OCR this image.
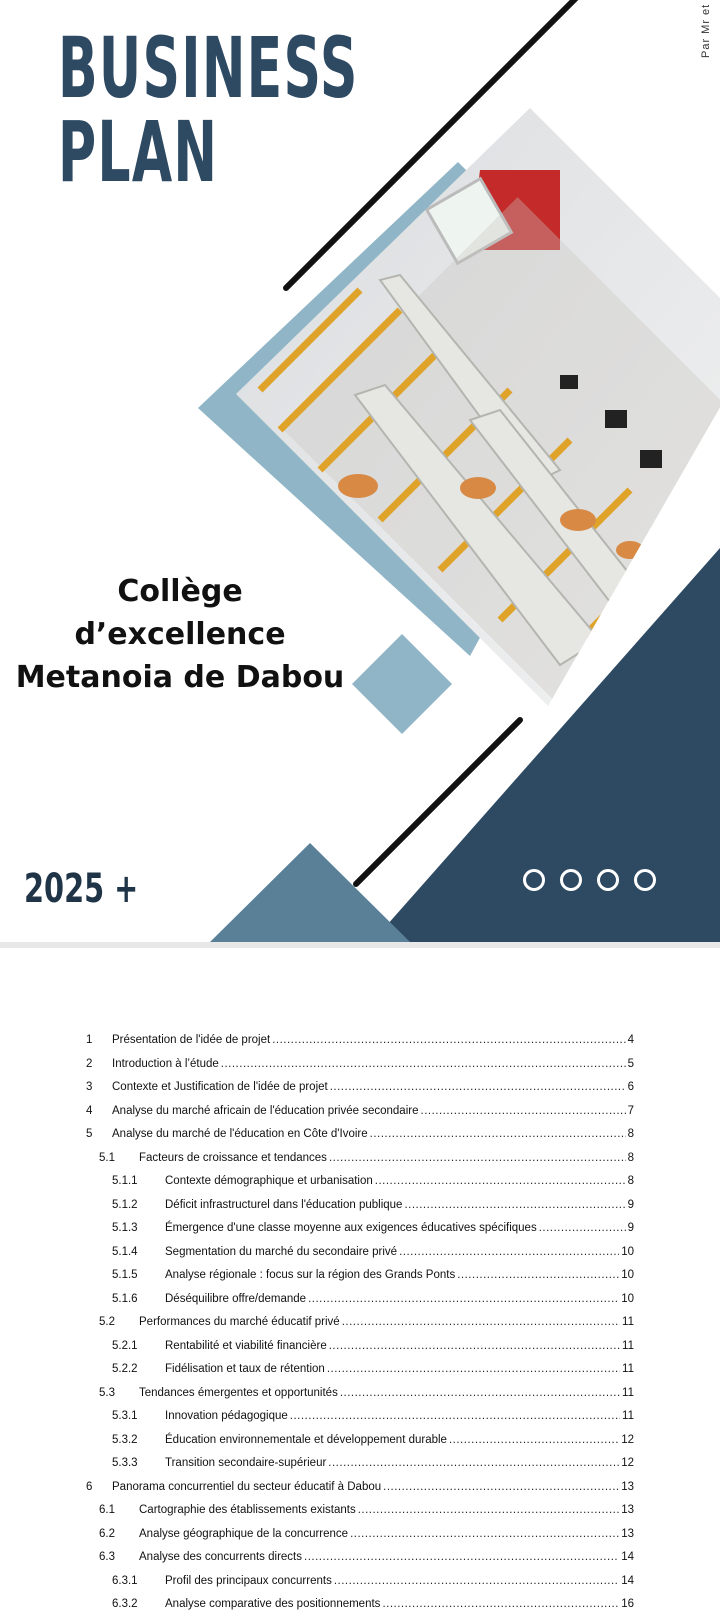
Par Mr et
BUSINESS
PLAN
Collège
d’excellence
Metanoia de Dabou
2025 +
1	Présentation de l'idée de projet .....	4
2	Introduction à l’étude .....	5
3	Contexte et Justification de l'idée de projet .....	6
4	Analyse du marché africain de l'éducation privée secondaire .....	7
5	Analyse du marché de l'éducation en Côte d'Ivoire .....	8
5.1	Facteurs de croissance et tendances .....	8
5.1.1	Contexte démographique et urbanisation .....	8
5.1.2	Déficit infrastructurel dans l'éducation publique .....	9
5.1.3	Émergence d'une classe moyenne aux exigences éducatives spécifiques .....	9
5.1.4	Segmentation du marché du secondaire privé .....	10
5.1.5	Analyse régionale : focus sur la région des Grands Ponts .....	10
5.1.6	Déséquilibre offre/demande .....	10
5.2	Performances du marché éducatif privé .....	11
5.2.1	Rentabilité et viabilité financière .....	11
5.2.2	Fidélisation et taux de rétention .....	11
5.3	Tendances émergentes et opportunités .....	11
5.3.1	Innovation pédagogique .....	11
5.3.2	Éducation environnementale et développement durable .....	12
5.3.3	Transition secondaire-supérieur .....	12
6	Panorama concurrentiel du secteur éducatif à Dabou .....	13
6.1	Cartographie des établissements existants .....	13
6.2	Analyse géographique de la concurrence .....	13
6.3	Analyse des concurrents directs .....	14
6.3.1	Profil des principaux concurrents .....	14
6.3.2	Analyse comparative des positionnements .....	16
